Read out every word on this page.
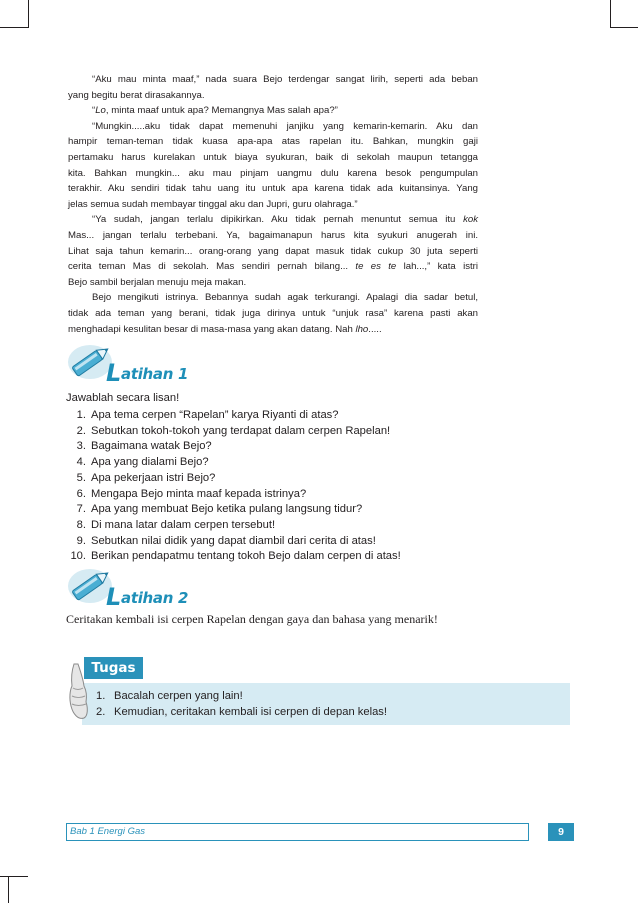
“Aku mau minta maaf,” nada suara Bejo terdengar sangat lirih, seperti ada beban

yang begitu berat dirasakannya.

“Lo, minta maaf untuk apa? Memangnya Mas salah apa?”

“Mungkin.....aku tidak dapat memenuhi janjiku yang kemarin-kemarin. Aku dan

hampir teman-teman tidak kuasa apa-apa atas rapelan itu. Bahkan, mungkin gaji

pertamaku harus kurelakan untuk biaya syukuran, baik di sekolah maupun tetangga

kita. Bahkan mungkin... aku mau pinjam uangmu dulu karena besok pengumpulan

terakhir. Aku sendiri tidak tahu uang itu untuk apa karena tidak ada kuitansinya. Yang

jelas semua sudah membayar tinggal aku dan Jupri, guru olahraga.”

“Ya sudah, jangan terlalu dipikirkan. Aku tidak pernah menuntut semua itu kok

Mas... jangan terlalu terbebani. Ya, bagaimanapun harus kita syukuri anugerah ini.

Lihat saja tahun kemarin... orang-orang yang dapat masuk tidak cukup 30 juta seperti

cerita teman Mas di sekolah. Mas sendiri pernah bilang... te es te lah...,” kata istri

Bejo sambil berjalan menuju meja makan.

Bejo mengikuti istrinya. Bebannya sudah agak terkurangi. Apalagi dia sadar betul,

tidak ada teman yang berani, tidak juga dirinya untuk “unjuk rasa” karena pasti akan

menghadapi kesulitan besar di masa-masa yang akan datang. Nah lho.....

Latihan 1
Jawablah secara lisan!
1. Apa tema cerpen “Rapelan” karya Riyanti di atas?
2. Sebutkan tokoh-tokoh yang terdapat dalam cerpen Rapelan!
3. Bagaimana watak Bejo?
4. Apa yang dialami Bejo?
5. Apa pekerjaan istri Bejo?
6. Mengapa Bejo minta maaf kepada istrinya?
7. Apa yang membuat Bejo ketika pulang langsung tidur?
8. Di mana latar dalam cerpen tersebut!
9. Sebutkan nilai didik yang dapat diambil dari cerita di atas!
10. Berikan pendapatmu tentang tokoh Bejo dalam cerpen di atas!
Latihan 2
Ceritakan kembali isi cerpen Rapelan dengan gaya dan bahasa yang menarik!
Tugas
1. Bacalah cerpen yang lain!
2. Kemudian, ceritakan kembali isi cerpen di depan kelas!
Bab 1 Energi Gas	9
